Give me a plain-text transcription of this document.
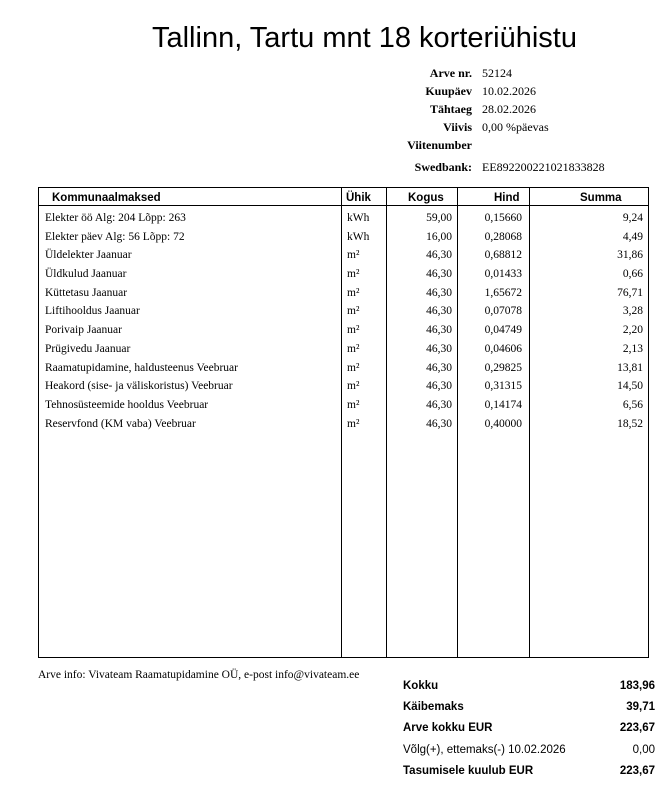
Tallinn, Tartu mnt 18 korteriühistu
Arve nr. 52124
Kuupäev 10.02.2026
Tähtaeg 28.02.2026
Viivis 0,00 %päevas
Viitenumber
Swedbank: EE892200221021833828
Kommunaalmaksed	Ühik	Kogus	Hind	Summa
Elekter öö Alg: 204 Lõpp: 263	kWh	59,00	0,15660	9,24
Elekter päev Alg: 56 Lõpp: 72	kWh	16,00	0,28068	4,49
Üldelekter Jaanuar	m²	46,30	0,68812	31,86
Üldkulud Jaanuar	m²	46,30	0,01433	0,66
Küttetasu Jaanuar	m²	46,30	1,65672	76,71
Liftihooldus Jaanuar	m²	46,30	0,07078	3,28
Porivaip Jaanuar	m²	46,30	0,04749	2,20
Prügivedu Jaanuar	m²	46,30	0,04606	2,13
Raamatupidamine, haldusteenus Veebruar	m²	46,30	0,29825	13,81
Heakord (sise- ja väliskoristus) Veebruar	m²	46,30	0,31315	14,50
Tehnosüsteemide hooldus Veebruar	m²	46,30	0,14174	6,56
Reservfond (KM vaba) Veebruar	m²	46,30	0,40000	18,52
Arve info: Vivateam Raamatupidamine OÜ, e-post info@vivateam.ee
Kokku	183,96
Käibemaks	39,71
Arve kokku EUR	223,67
Võlg(+), ettemaks(-) 10.02.2026	0,00
Tasumisele kuulub EUR	223,67
